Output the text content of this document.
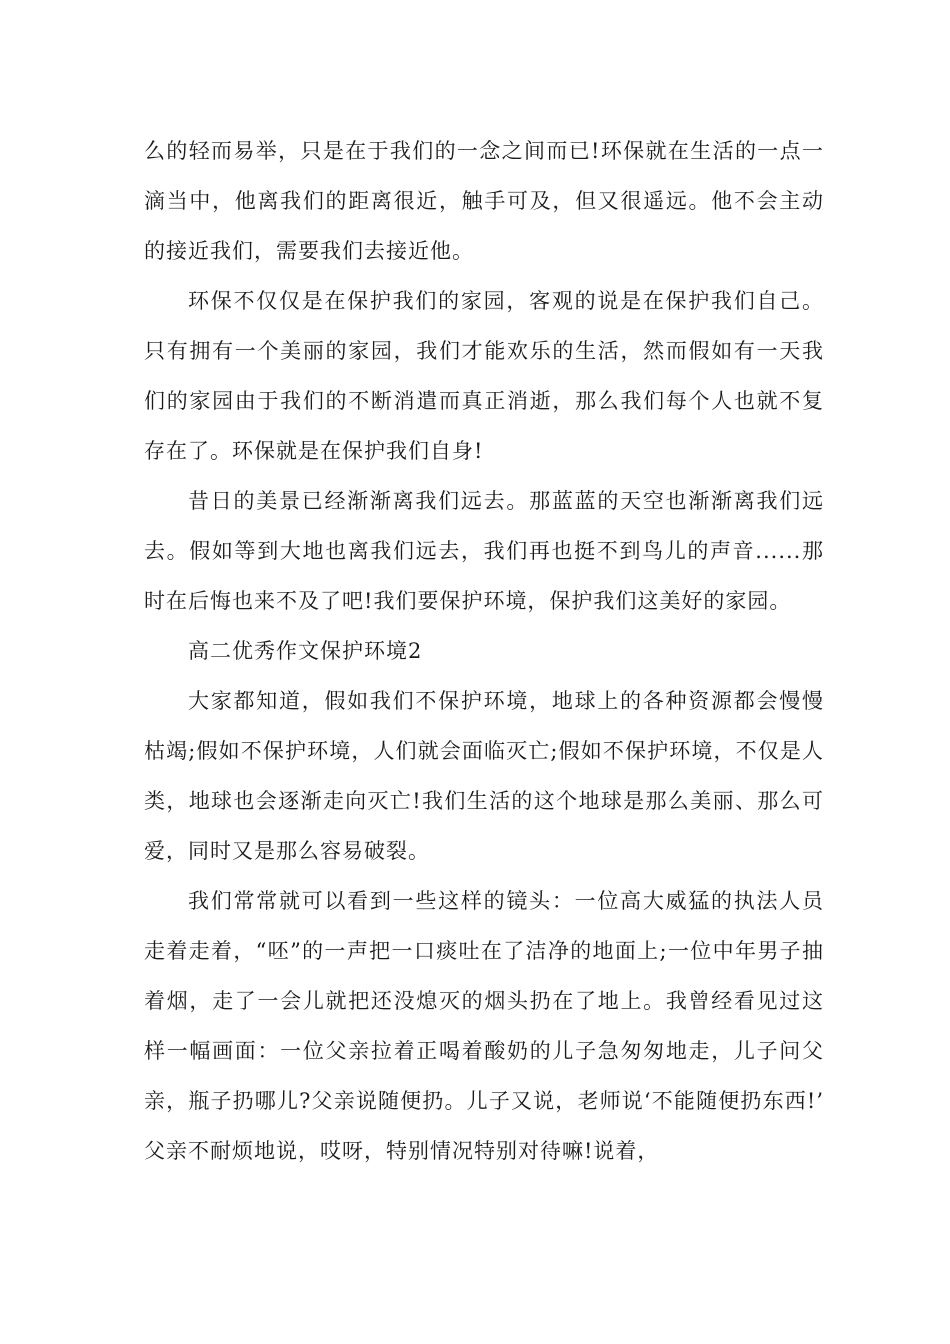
么的轻而易举，只是在于我们的一念之间而已!环保就在生活的一点一滴当中，他离我们的距离很近，触手可及，但又很遥远。他不会主动的接近我们，需要我们去接近他。

环保不仅仅是在保护我们的家园，客观的说是在保护我们自己。只有拥有一个美丽的家园，我们才能欢乐的生活，然而假如有一天我们的家园由于我们的不断消遣而真正消逝，那么我们每个人也就不复存在了。环保就是在保护我们自身!

昔日的美景已经渐渐离我们远去。那蓝蓝的天空也渐渐离我们远去。假如等到大地也离我们远去，我们再也挺不到鸟儿的声音......那时在后悔也来不及了吧!我们要保护环境，保护我们这美好的家园。

高二优秀作文保护环境2

大家都知道，假如我们不保护环境，地球上的各种资源都会慢慢枯竭;假如不保护环境，人们就会面临灭亡;假如不保护环境，不仅是人类，地球也会逐渐走向灭亡!我们生活的这个地球是那么美丽、那么可爱，同时又是那么容易破裂。

我们常常就可以看到一些这样的镜头：一位高大威猛的执法人员走着走着，“呸”的一声把一口痰吐在了洁净的地面上;一位中年男子抽着烟，走了一会儿就把还没熄灭的烟头扔在了地上。我曾经看见过这样一幅画面：一位父亲拉着正喝着酸奶的儿子急匆匆地走，儿子问父亲，瓶子扔哪儿?父亲说随便扔。儿子又说，老师说‘不能随便扔东西!’父亲不耐烦地说，哎呀，特别情况特别对待嘛!说着，
